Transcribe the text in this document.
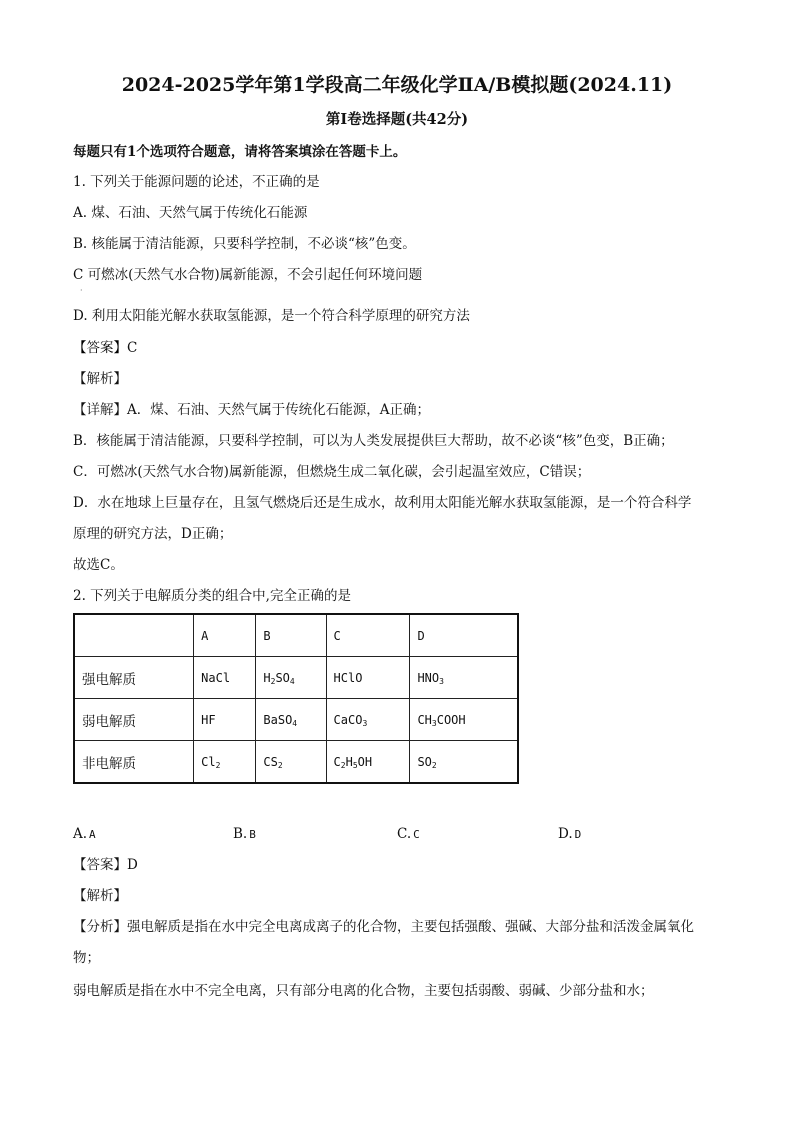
2024-2025学年第1学段高二年级化学ⅡA/B模拟题(2024.11)
第Ⅰ卷选择题(共42分)
每题只有1个选项符合题意，请将答案填涂在答题卡上。
1. 下列关于能源问题的论述，不正确的是
A. 煤、石油、天然气属于传统化石能源
B. 核能属于清洁能源，只要科学控制，不必谈“核”色变。
C 可燃冰(天然气水合物)属新能源，不会引起任何环境问题
·
D. 利用太阳能光解水获取氢能源，是一个符合科学原理的研究方法
【答案】C
【解析】
【详解】A．煤、石油、天然气属于传统化石能源，A正确；
B．核能属于清洁能源，只要科学控制，可以为人类发展提供巨大帮助，故不必谈“核”色变，B正确；
C．可燃冰(天然气水合物)属新能源，但燃烧生成二氧化碳，会引起温室效应，C错误；
D．水在地球上巨量存在，且氢气燃烧后还是生成水，故利用太阳能光解水获取氢能源，是一个符合科学
原理的研究方法，D正确；
故选C。
2. 下列关于电解质分类的组合中,完全正确的是
	A	B	C	D
强电解质	NaCl	$H_2SO_4$	HClO	$HNO_3$
弱电解质	HF	BaSO$_4$	CaCO$_3$	$CH_3COOH$
非电解质	$Cl_2$	$CS_2$	$C_2H_5OH$	$SO_2$
A. A	B. B	C. C	D. D
【答案】D
【解析】
【分析】强电解质是指在水中完全电离成离子的化合物，主要包括强酸、强碱、大部分盐和活泼金属氧化
物；
弱电解质是指在水中不完全电离，只有部分电离的化合物，主要包括弱酸、弱碱、少部分盐和水；
